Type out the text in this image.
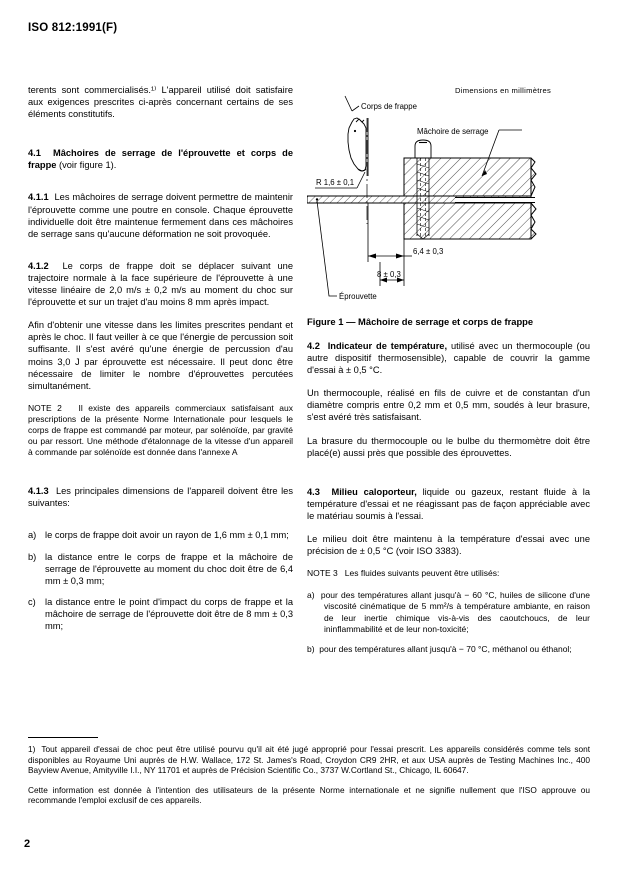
ISO 812:1991(F)

terents sont commercialisés.¹⁾ L'appareil utilisé doit satisfaire aux exigences prescrites ci-après concernant certains de ses éléments constitutifs.

4.1 Mâchoires de serrage de l'éprouvette et corps de frappe (voir figure 1).

4.1.1 Les mâchoires de serrage doivent permettre de maintenir l'éprouvette comme une poutre en console. Chaque éprouvette individuelle doit être maintenue fermement dans ces mâchoires de serrage sans qu'aucune déformation ne soit provoquée.

4.1.2 Le corps de frappe doit se déplacer suivant une trajectoire normale à la face supérieure de l'éprouvette à une vitesse linéaire de 2,0 m/s ± 0,2 m/s au moment du choc sur l'éprouvette et sur un trajet d'au moins 8 mm après impact.

Afin d'obtenir une vitesse dans les limites prescrites pendant et après le choc. Il faut veiller à ce que l'énergie de percussion soit suffisante. Il s'est avéré qu'une énergie de percussion d'au moins 3,0 J par éprouvette est nécessaire. Il peut donc être nécessaire de limiter le nombre d'éprouvettes percutées simultanément.

NOTE 2 Il existe des appareils commerciaux satisfaisant aux prescriptions de la présente Norme Internationale pour lesquels le corps de frappe est commandé par moteur, par solénoïde, par gravité ou par ressort. Une méthode d'étalonnage de la vitesse d'un appareil à commande par solénoïde est donnée dans l'annexe A

4.1.3 Les principales dimensions de l'appareil doivent être les suivantes:

a) le corps de frappe doit avoir un rayon de 1,6 mm ± 0,1 mm;

b) la distance entre le corps de frappe et la mâchoire de serrage de l'éprouvette au moment du choc doit être de 6,4 mm ± 0,3 mm;

c) la distance entre le point d'impact du corps de frappe et la mâchoire de serrage de l'éprouvette doit être de 8 mm ± 0,3 mm;

Dimensions en millimètres
Corps de frappe
R 1,6 ± 0,1
Mâchoire de serrage
6,4 ± 0,3
8 ± 0,3
Éprouvette
Figure 1 — Mâchoire de serrage et corps de frappe

4.2 Indicateur de température, utilisé avec un thermocouple (ou autre dispositif thermosensible), capable de couvrir la gamme d'essai à ± 0,5 °C.

Un thermocouple, réalisé en fils de cuivre et de constantan d'un diamètre compris entre 0,2 mm et 0,5 mm, soudés à leur brasure, s'est avéré très satisfaisant.

La brasure du thermocouple ou le bulbe du thermomètre doit être placé(e) aussi près que possible des éprouvettes.

4.3 Milieu caloporteur, liquide ou gazeux, restant fluide à la température d'essai et ne réagissant pas de façon appréciable avec le matériau soumis à l'essai.

Le milieu doit être maintenu à la température d'essai avec une précision de ± 0,5 °C (voir ISO 3383).

NOTE 3 Les fluides suivants peuvent être utilisés:

a) pour des températures allant jusqu'à − 60 °C, huiles de silicone d'une viscosité cinématique de 5 mm²/s à température ambiante, en raison de leur inertie chimique vis-à-vis des caoutchoucs, de leur ininflammabilité et de leur non-toxicité;

b) pour des températures allant jusqu'à − 70 °C, méthanol ou éthanol;

1) Tout appareil d'essai de choc peut être utilisé pourvu qu'il ait été jugé approprié pour l'essai prescrit. Les appareils considérés comme tels sont disponibles au Royaume Uni auprès de H.W. Wallace, 172 St. James's Road, Croydon CR9 2HR, et aux USA auprès de Testing Machines Inc., 400 Bayview Avenue, Amityville I.I., NY 11701 et auprès de Précision Scientific Co., 3737 W.Cortland St., Chicago, IL 60647.

Cette information est donnée à l'intention des utilisateurs de la présente Norme internationale et ne signifie nullement que l'ISO approuve ou recommande l'emploi exclusif de ces appareils.

2
